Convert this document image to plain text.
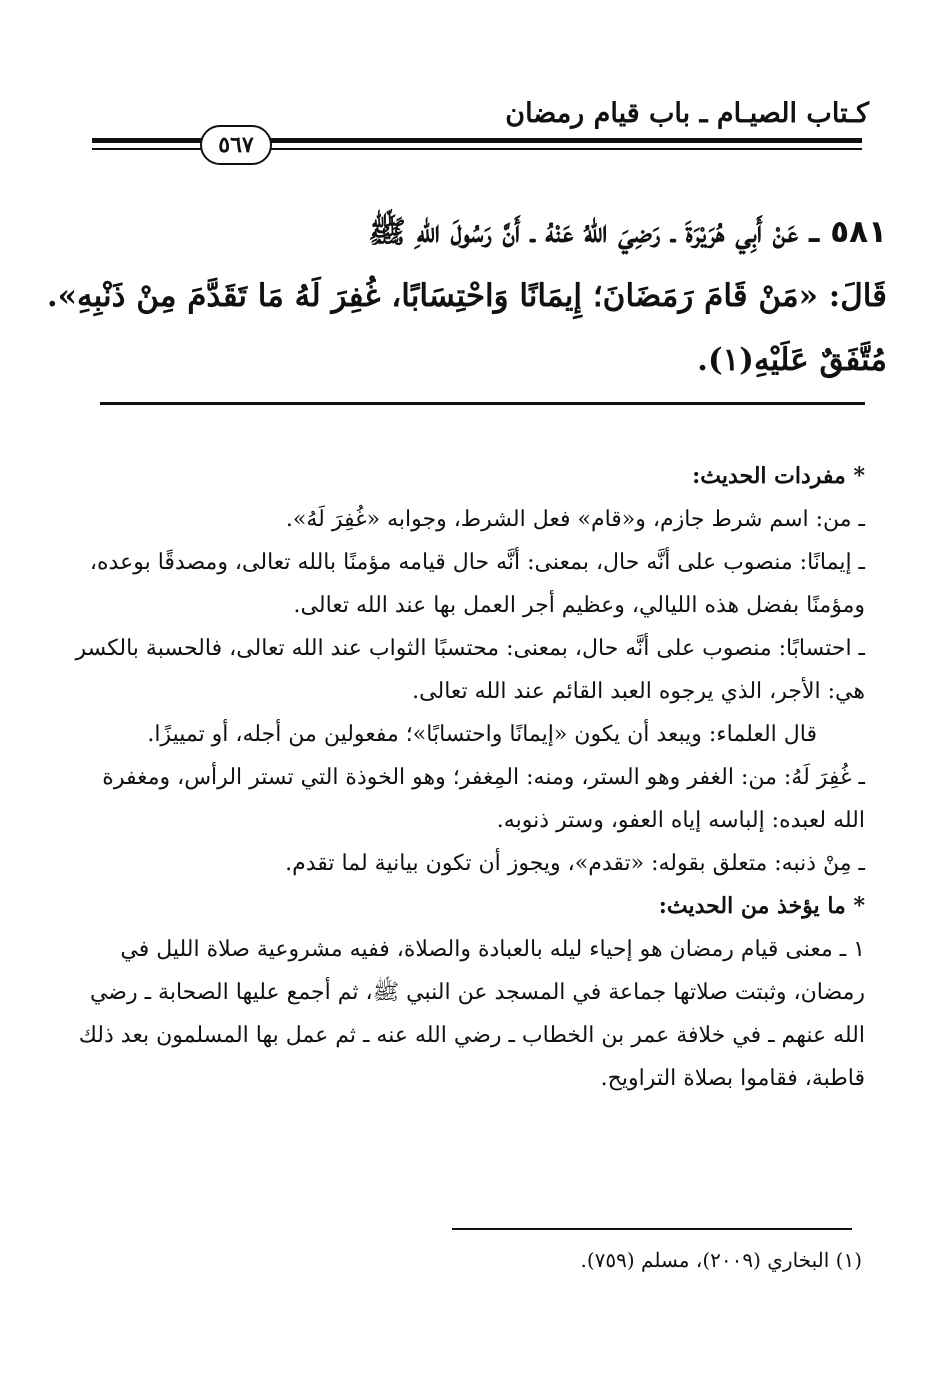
كـتاب الصيـام ـ باب قيام رمضان
٥٦٧

٥٨١ ـ عَنْ أَبِي هُرَيْرَةَ ـ رَضِيَ اللهُ عَنْهُ ـ أَنَّ رَسُولَ اللهِ ﷺ

قَالَ: «مَنْ قَامَ رَمَضَانَ؛ إِيمَانًا وَاحْتِسَابًا، غُفِرَ لَهُ مَا تَقَدَّمَ مِنْ ذَنْبِهِ».

مُتَّفَقٌ عَلَيْهِ(١).

* مفردات الحديث:

ـ من: اسم شرط جازم، و«قام» فعل الشرط، وجوابه «غُفِرَ لَهُ».

ـ إيمانًا: منصوب على أنَّه حال، بمعنى: أنَّه حال قيامه مؤمنًا بالله تعالى، ومصدقًا بوعده، ومؤمنًا بفضل هذه الليالي، وعظيم أجر العمل بها عند الله تعالى.

ـ احتسابًا: منصوب على أنَّه حال، بمعنى: محتسبًا الثواب عند الله تعالى، فالحسبة بالكسر هي: الأجر، الذي يرجوه العبد القائم عند الله تعالى.

قال العلماء: ويبعد أن يكون «إيمانًا واحتسابًا»؛ مفعولين من أجله، أو تمييزًا.

ـ غُفِرَ لَهُ: من: الغفر وهو الستر، ومنه: المِغفر؛ وهو الخوذة التي تستر الرأس، ومغفرة الله لعبده: إلباسه إياه العفو، وستر ذنوبه.

ـ مِنْ ذنبه: متعلق بقوله: «تقدم»، ويجوز أن تكون بيانية لما تقدم.

* ما يؤخذ من الحديث:

١ ـ معنى قيام رمضان هو إحياء ليله بالعبادة والصلاة، ففيه مشروعية صلاة الليل في رمضان، وثبتت صلاتها جماعة في المسجد عن النبي ﷺ، ثم أجمع عليها الصحابة ـ رضي الله عنهم ـ في خلافة عمر بن الخطاب ـ رضي الله عنه ـ ثم عمل بها المسلمون بعد ذلك قاطبة، فقاموا بصلاة التراويح.

(١) البخاري (٢٠٠٩)، مسلم (٧٥٩).
